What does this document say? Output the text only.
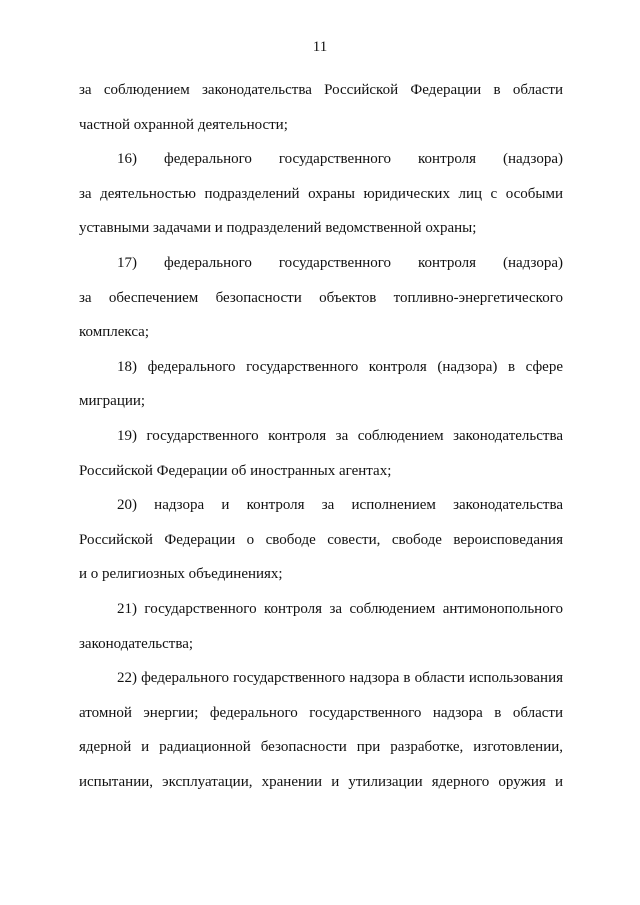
11

за соблюдением законодательства Российской Федерации в области
частной охранной деятельности;

16) федерального государственного контроля (надзора)
за деятельностью подразделений охраны юридических лиц с особыми
уставными задачами и подразделений ведомственной охраны;

17) федерального государственного контроля (надзора)
за обеспечением безопасности объектов топливно-энергетического
комплекса;

18) федерального государственного контроля (надзора) в сфере
миграции;

19) государственного контроля за соблюдением законодательства
Российской Федерации об иностранных агентах;

20) надзора и контроля за исполнением законодательства
Российской Федерации о свободе совести, свободе вероисповедания
и о религиозных объединениях;

21) государственного контроля за соблюдением антимонопольного
законодательства;

22) федерального государственного надзора в области использования
атомной энергии; федерального государственного надзора в области
ядерной и радиационной безопасности при разработке, изготовлении,
испытании, эксплуатации, хранении и утилизации ядерного оружия и
